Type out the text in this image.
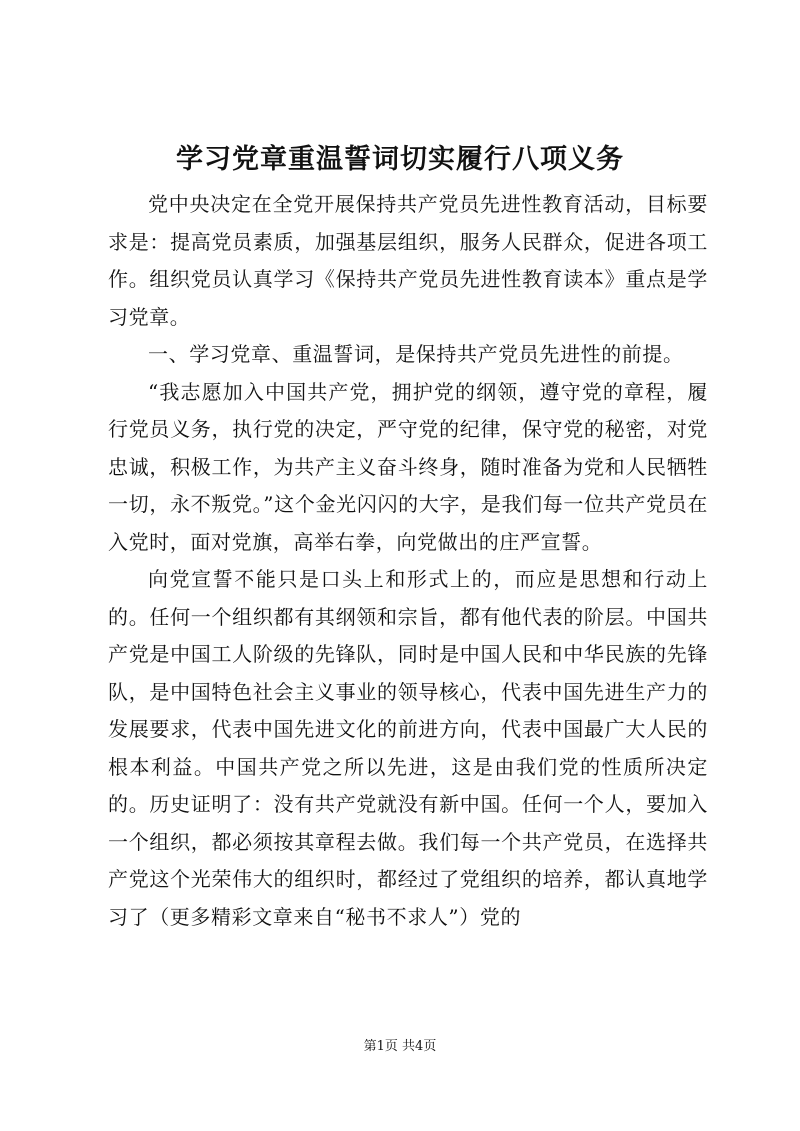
学习党章重温誓词切实履行八项义务

党中央决定在全党开展保持共产党员先进性教育活动，目标要求是：提高党员素质，加强基层组织，服务人民群众，促进各项工作。组织党员认真学习《保持共产党员先进性教育读本》重点是学习党章。

一、学习党章、重温誓词，是保持共产党员先进性的前提。

“我志愿加入中国共产党，拥护党的纲领，遵守党的章程，履行党员义务，执行党的决定，严守党的纪律，保守党的秘密，对党忠诚，积极工作，为共产主义奋斗终身，随时准备为党和人民牺牲一切，永不叛党。”这个金光闪闪的大字，是我们每一位共产党员在入党时，面对党旗，高举右拳，向党做出的庄严宣誓。

向党宣誓不能只是口头上和形式上的，而应是思想和行动上的。任何一个组织都有其纲领和宗旨，都有他代表的阶层。中国共产党是中国工人阶级的先锋队，同时是中国人民和中华民族的先锋队，是中国特色社会主义事业的领导核心，代表中国先进生产力的发展要求，代表中国先进文化的前进方向，代表中国最广大人民的根本利益。中国共产党之所以先进，这是由我们党的性质所决定的。历史证明了：没有共产党就没有新中国。任何一个人，要加入一个组织，都必须按其章程去做。我们每一个共产党员，在选择共产党这个光荣伟大的组织时，都经过了党组织的培养，都认真地学习了（更多精彩文章来自“秘书不求人”）党的

第1页 共4页
